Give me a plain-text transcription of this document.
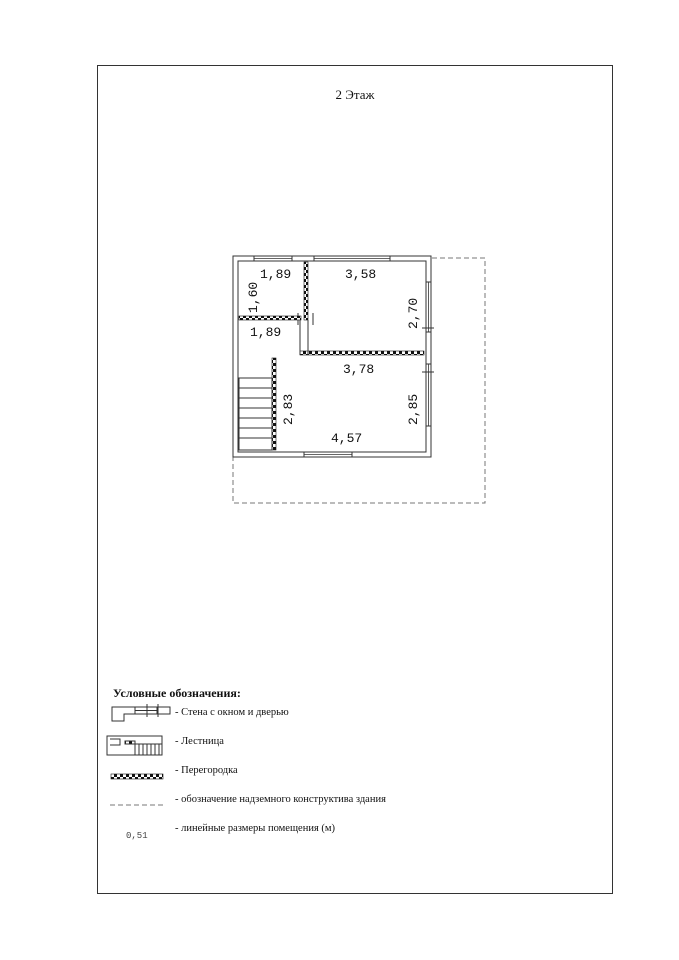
2 Этаж
1,89
1,60
1,89
3,58
2,70
3,78
2,83	2,85
4,57
Условные обозначения:
- Стена с окном и дверью
- Лестница
- Перегородка
- обозначение надземного конструктива здания
- линейные размеры помещения (м)
0,51
